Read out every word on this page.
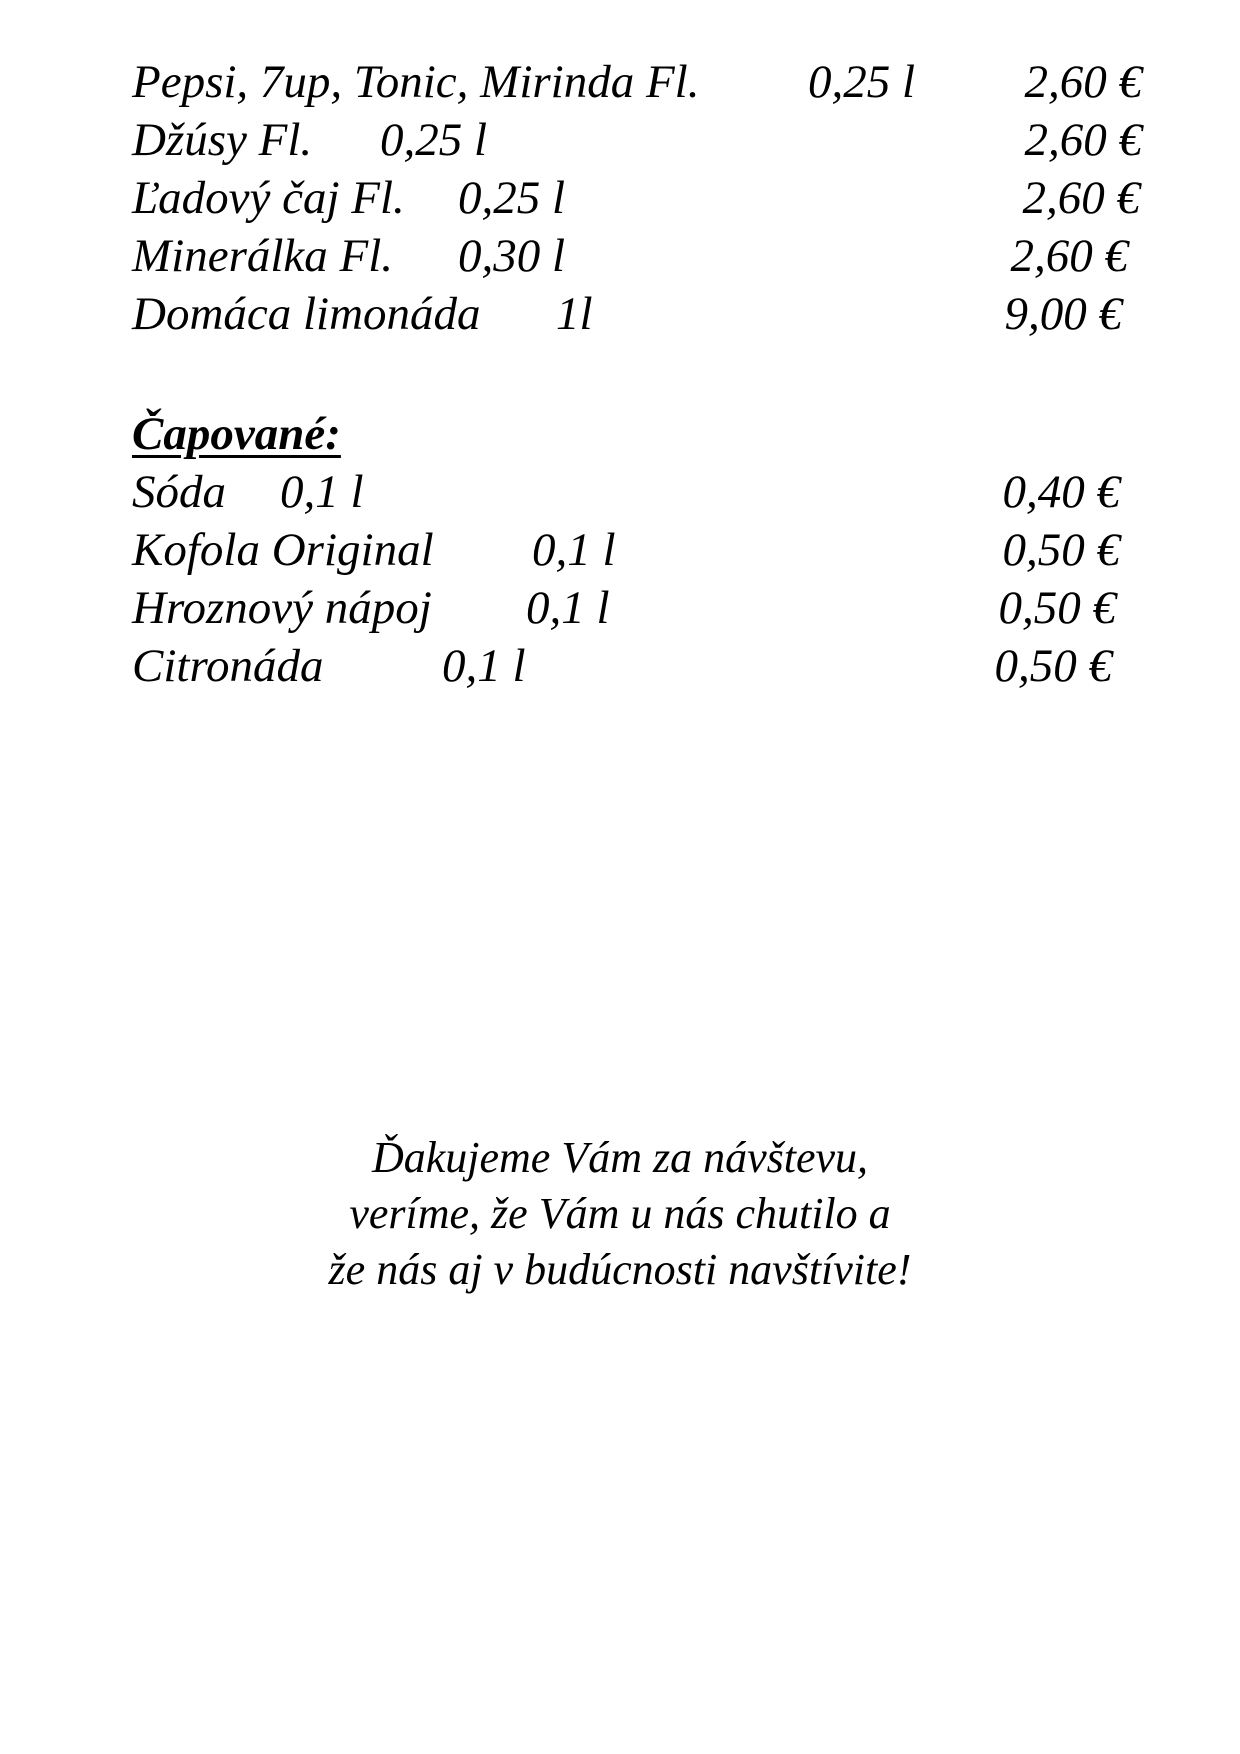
Pepsi, 7up, Tonic, Mirinda Fl. 0,25 l	2,60 €
Džúsy Fl. 0,25 l	2,60 €
Ľadový čaj Fl. 0,25 l	2,60 €
Minerálka Fl. 0,30 l	2,60 €
Domáca limonáda 1l	9,00 €
Čapované:
Sóda 0,1 l	0,40 €
Kofola Original 0,1 l	0,50 €
Hroznový nápoj 0,1 l	0,50 €
Citronáda	0,1 l	0,50 €

Ďakujeme Vám za návštevu,

veríme, že Vám u nás chutilo a

že nás aj v budúcnosti navštívite!
